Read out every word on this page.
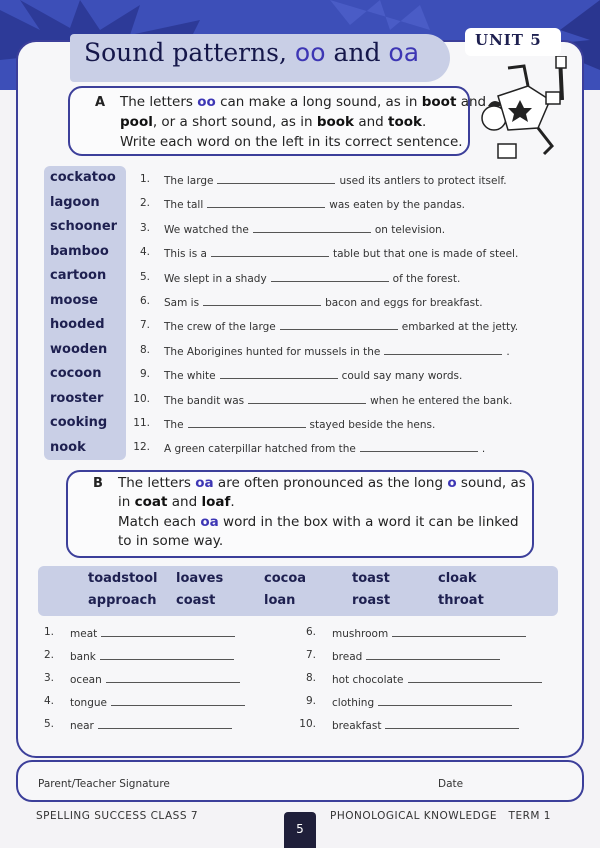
Sound patterns, oo and oa	UNIT 5
A The letters oo can make a long sound, as in boot and
pool, or a short sound, as in book and took.
Write each word on the left in its correct sentence.
cockatoo
lagoon
schooner
bamboo
cartoon
moose
hooded
wooden
cocoon
rooster
cooking
nook
1. The large	used its antlers to protect itself.
2. The tall	was eaten by the pandas.
3. We watched the	on television.
4. This is a	table but that one is made of steel.
5. We slept in a shady	of the forest.
6. Sam is	bacon and eggs for breakfast.
7. The crew of the large	embarked at the jetty.
8. The Aborigines hunted for mussels in the	.
9. The white	could say many words.
10. The bandit was	when he entered the bank.
11. The	stayed beside the hens.
12. A green caterpillar hatched from the	.
B The letters oa are often pronounced as the long o sound, as
in coat and loaf.
Match each oa word in the box with a word it can be linked
to in some way.
toadstool loaves	cocoa	toast	cloak
approach coast	loan	roast	throat
1. meat
2. bank
3. ocean
4. tongue
5. near
6. mushroom
7. bread
8. hot chocolate
9. clothing
10. breakfast
Parent/Teacher Signature	Date
SPELLING SUCCESS CLASS 7	PHONOLOGICAL KNOWLEDGE   TERM 1
5
